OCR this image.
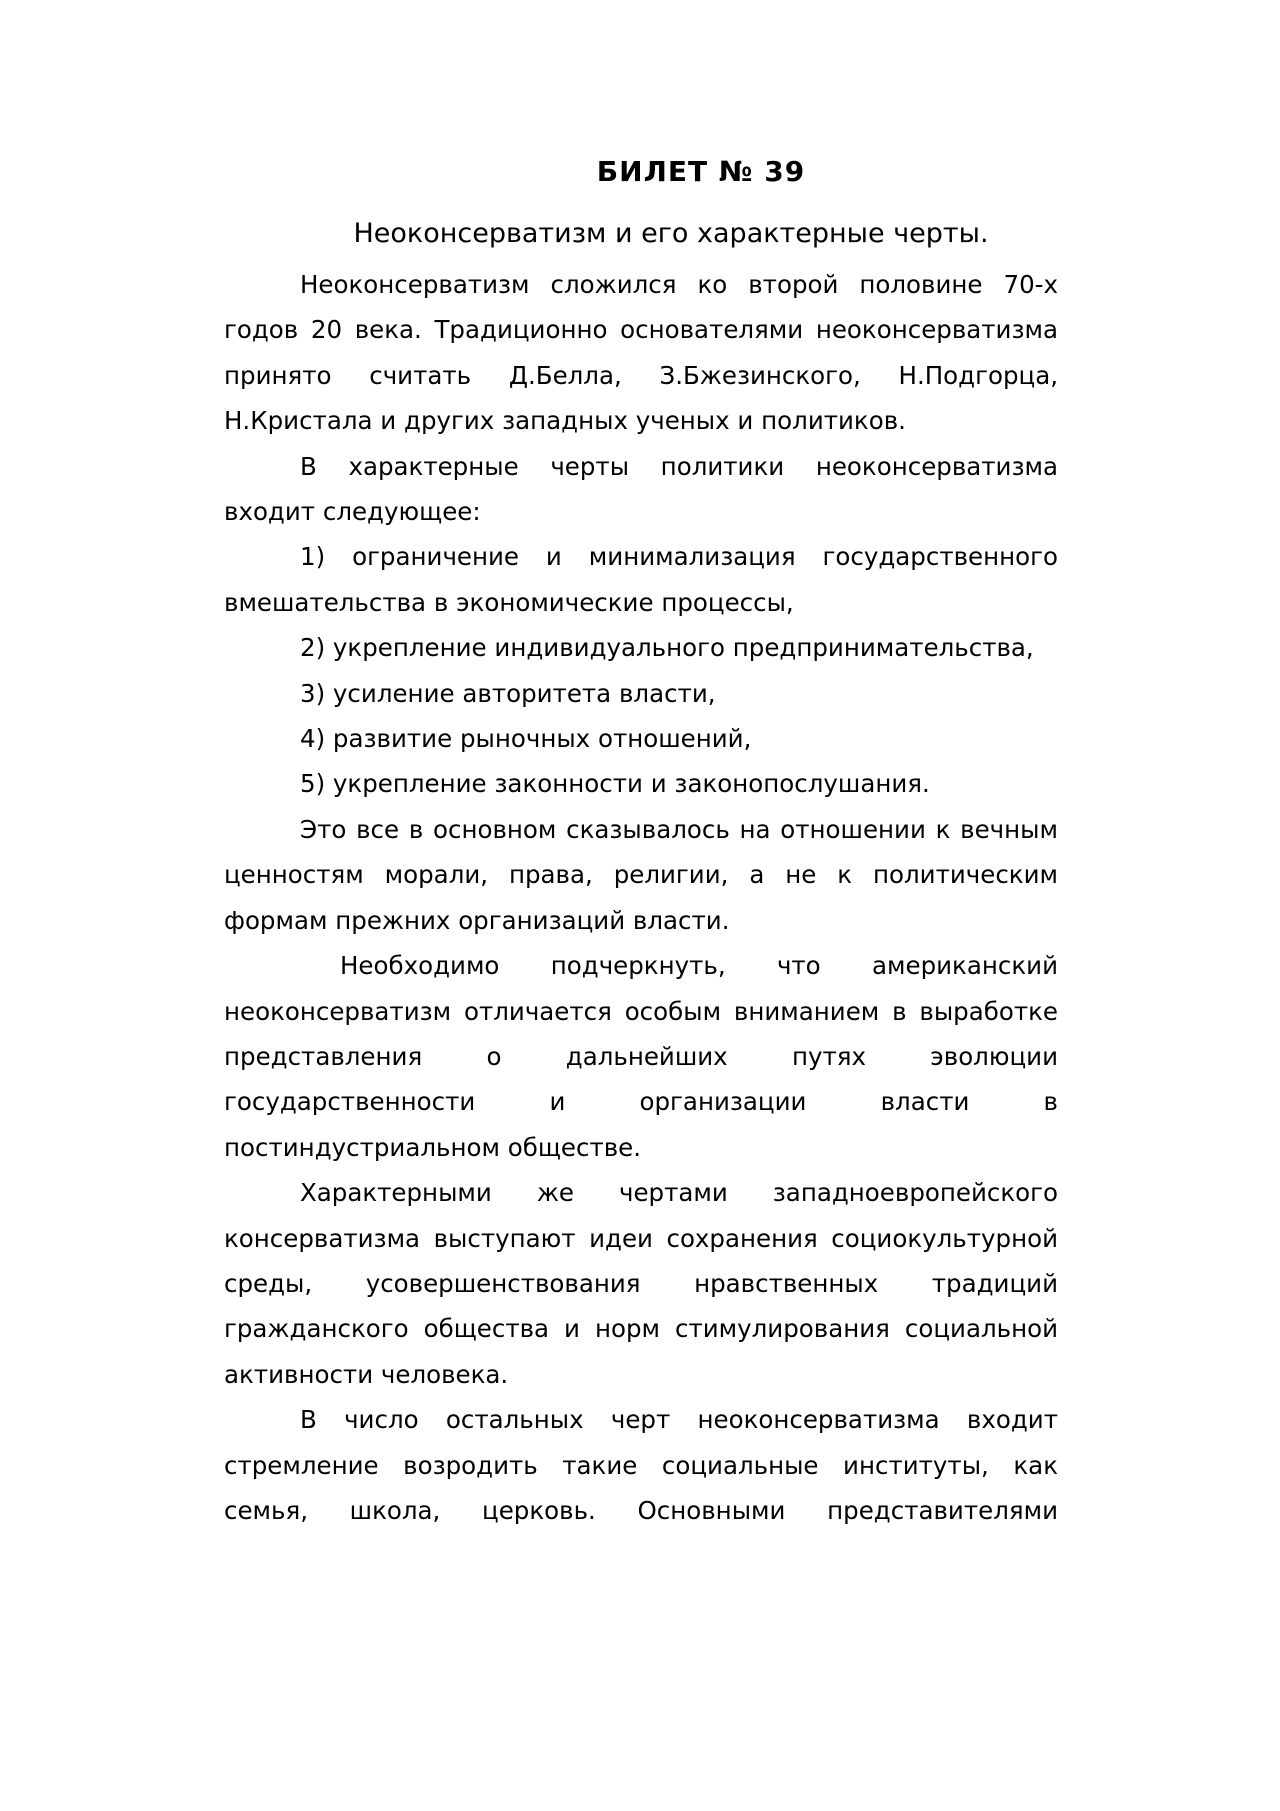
БИЛЕТ № 39
Неоконсерватизм и его характерные черты.

Неоконсерватизм сложился ко второй половине 70-х годов 20 века. Традиционно основателями неоконсерватизма принято считать Д.Белла, З.Бжезинского, Н.Подгорца, Н.Кристала и других западных ученых и политиков.

В характерные черты политики неоконсерватизма входит следующее:

1) ограничение и минимализация государственного вмешательства в экономические процессы,

2) укрепление индивидуального предпринимательства,

3) усиление авторитета власти,

4) развитие рыночных отношений,

5) укрепление законности и законопослушания.

Это все в основном сказывалось на отношении к вечным ценностям морали, права, религии, а не к политическим формам прежних организаций власти.

Необходимо подчеркнуть, что американский неоконсерватизм отличается особым вниманием в выработке представления о дальнейших путях эволюции государственности и организации власти в постиндустриальном обществе.

Характерными же чертами западноевропейского консерватизма выступают идеи сохранения социокультурной среды, усовершенствования нравственных традиций гражданского общества и норм стимулирования социальной активности человека.

В число остальных черт неоконсерватизма входит стремление возродить такие социальные институты, как семья, школа, церковь. Основными представителями
